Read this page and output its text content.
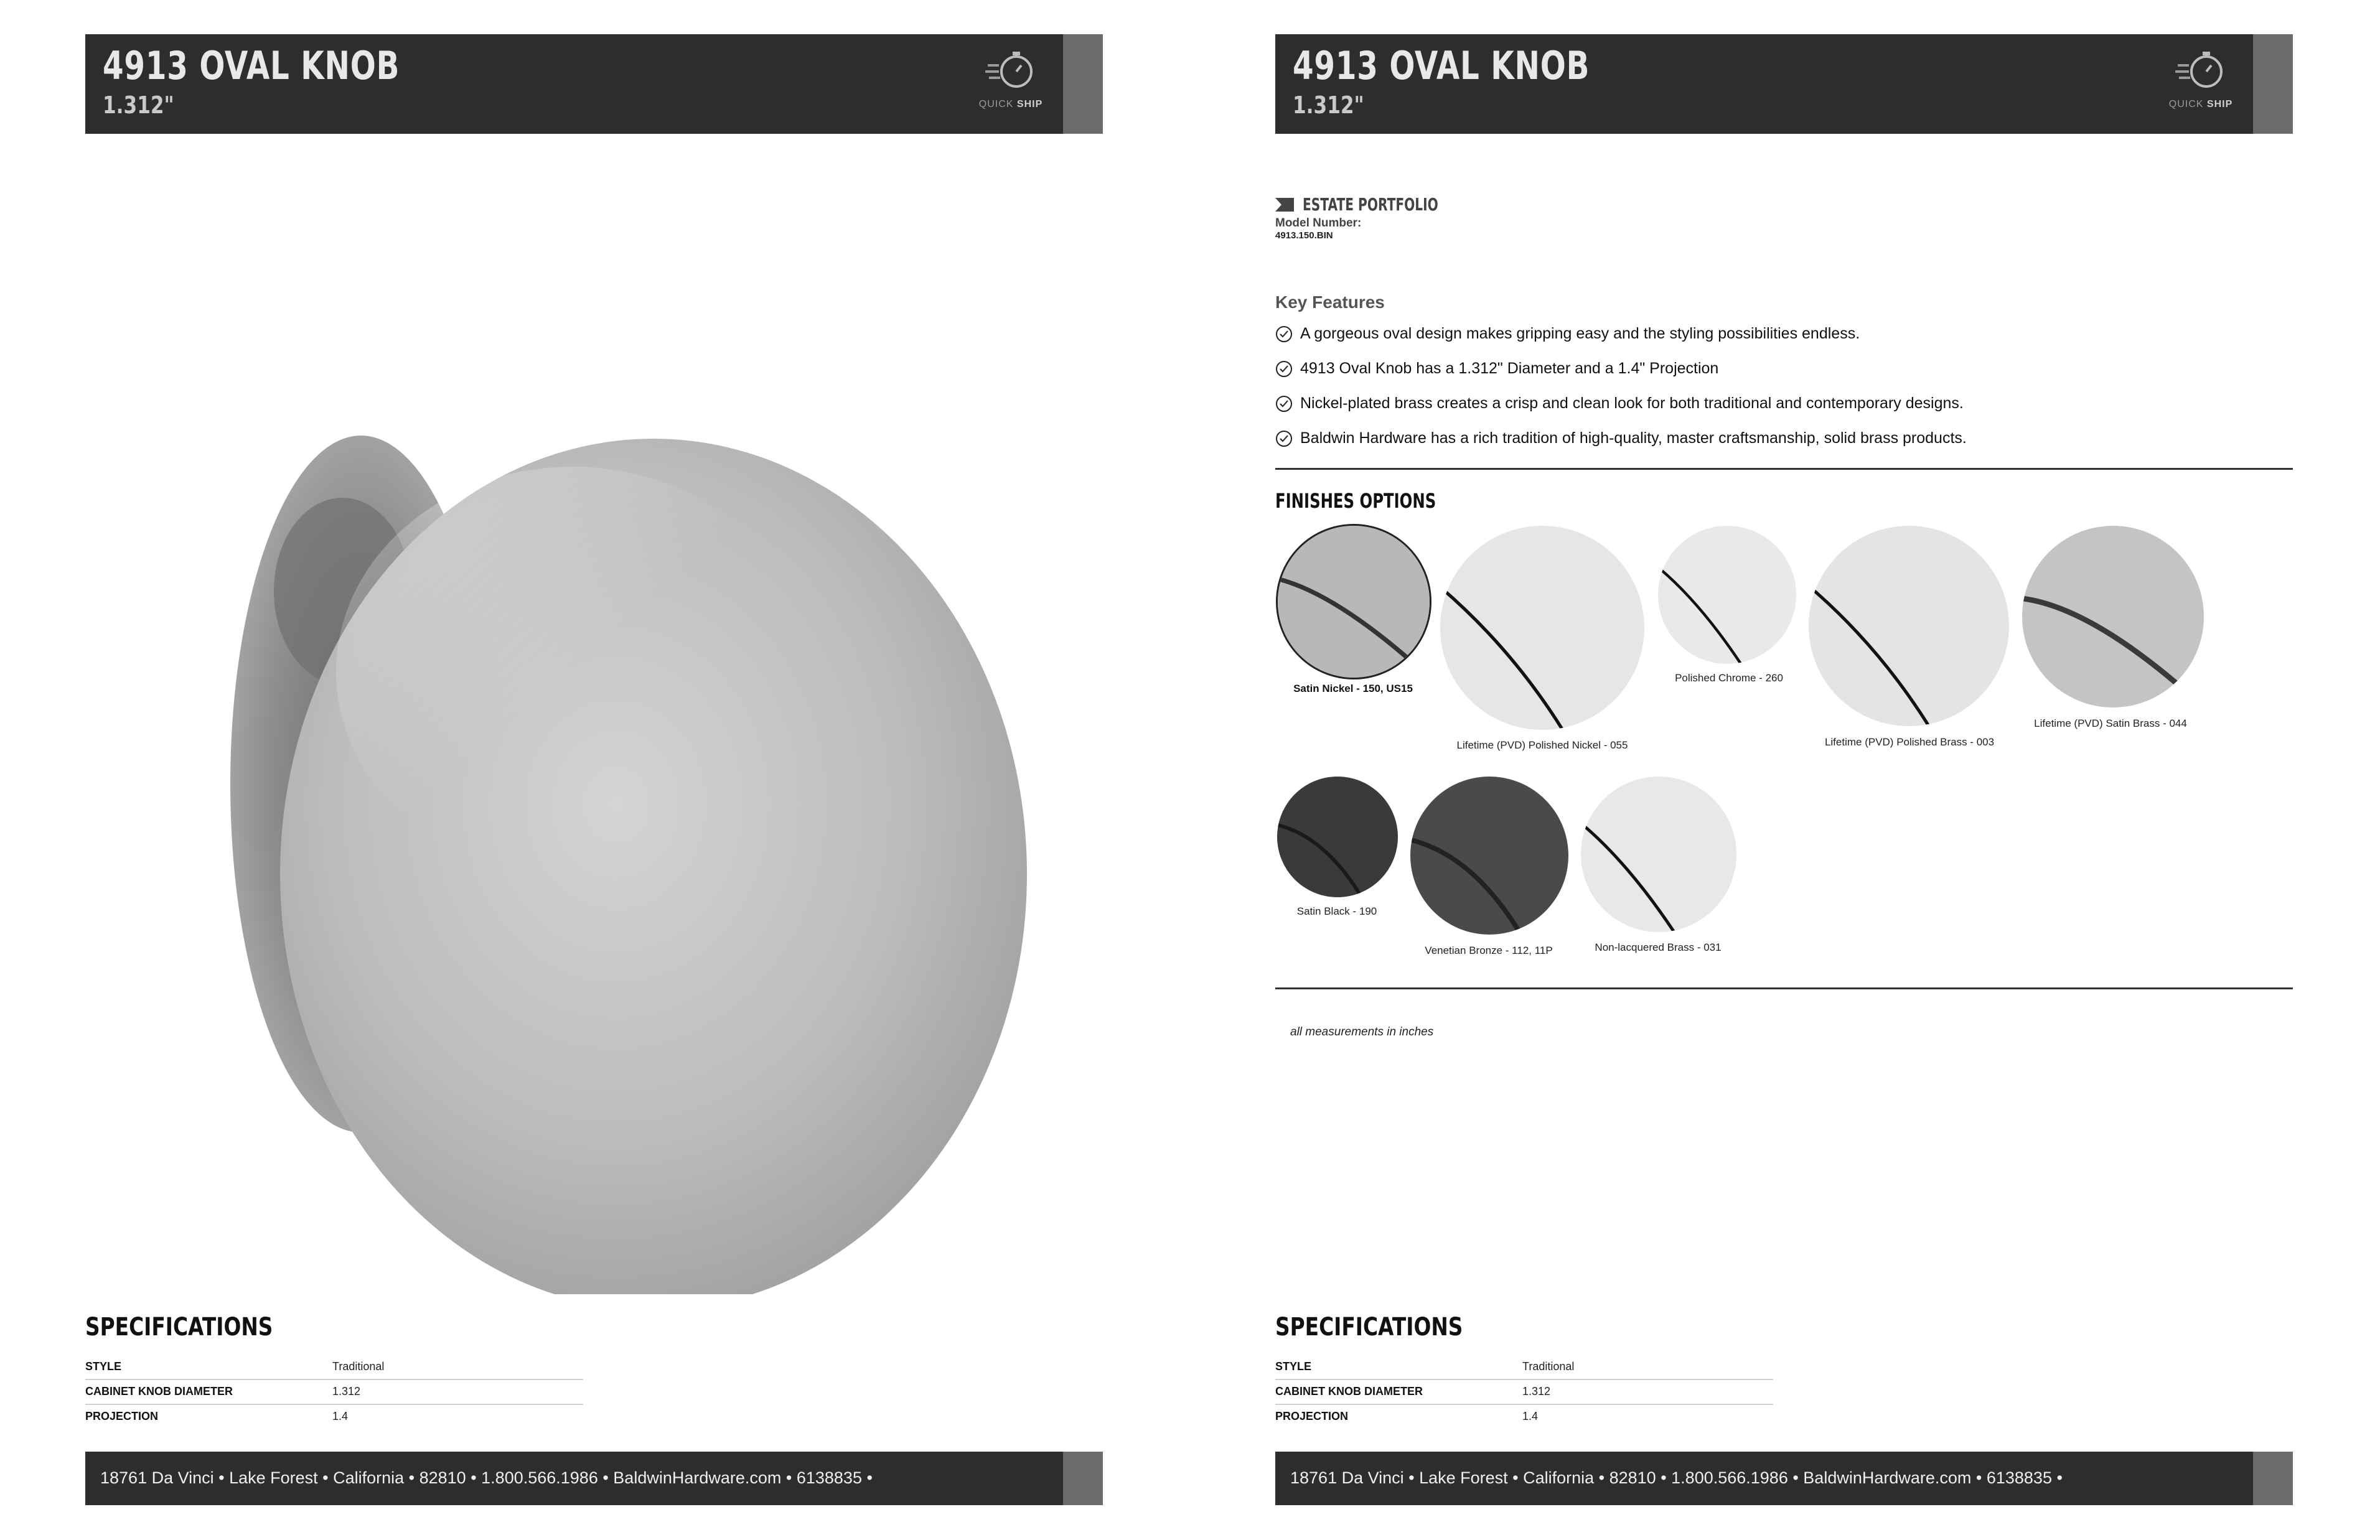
4913 OVAL KNOB
1.312"	QUICK SHIP
SPECIFICATIONS
STYLE	Traditional
CABINET KNOB DIAMETER	1.312
PROJECTION	1.4
18761 Da Vinci • Lake Forest • California • 82810 • 1.800.566.1986 • BaldwinHardware.com • 6138835 •
4913 OVAL KNOB
1.312"	QUICK SHIP
ESTATE PORTFOLIO
Model Number:
4913.150.BIN
Key Features
A gorgeous oval design makes gripping easy and the styling possibilities endless.
4913 Oval Knob has a 1.312" Diameter and a 1.4" Projection
Nickel-plated brass creates a crisp and clean look for both traditional and contemporary designs.
Baldwin Hardware has a rich tradition of high-quality, master craftsmanship, solid brass products.
FINISHES OPTIONS
Satin Nickel - 150, US15
Lifetime (PVD) Polished Nickel - 055
Polished Chrome - 260
Lifetime (PVD) Polished Brass - 003
Lifetime (PVD) Satin Brass - 044
Satin Black - 190
Venetian Bronze - 112, 11P	Non-lacquered Brass - 031
all measurements in inches
SPECIFICATIONS
STYLE	Traditional
CABINET KNOB DIAMETER	1.312
PROJECTION	1.4
18761 Da Vinci • Lake Forest • California • 82810 • 1.800.566.1986 • BaldwinHardware.com • 6138835 •
